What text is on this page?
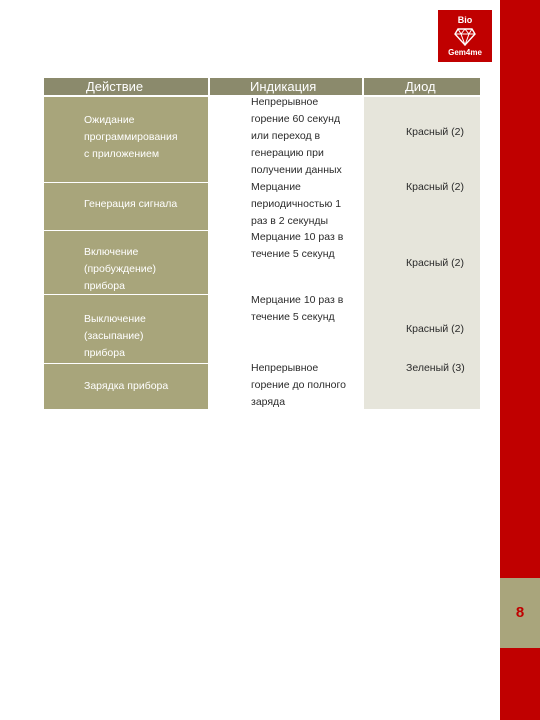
Bio
Gem4me
Действие	Индикация	Диод
Ожидание
программирования
с приложением
Генерация сигнала
Включение
(пробуждение)
прибора
Выключение
(засыпание)
прибора
Зарядка прибора
Непрерывное
горение 60 секунд
или переход в
генерацию при
получении данных
Мерцание
периодичностью 1
раз в 2 секунды
Мерцание 10 раз в
течение 5 секунд
Мерцание 10 раз в
течение 5 секунд
Непрерывное
горение до полного
заряда
Красный (2)
Красный (2)
Красный (2)
Красный (2)
Зеленый (3)
8
